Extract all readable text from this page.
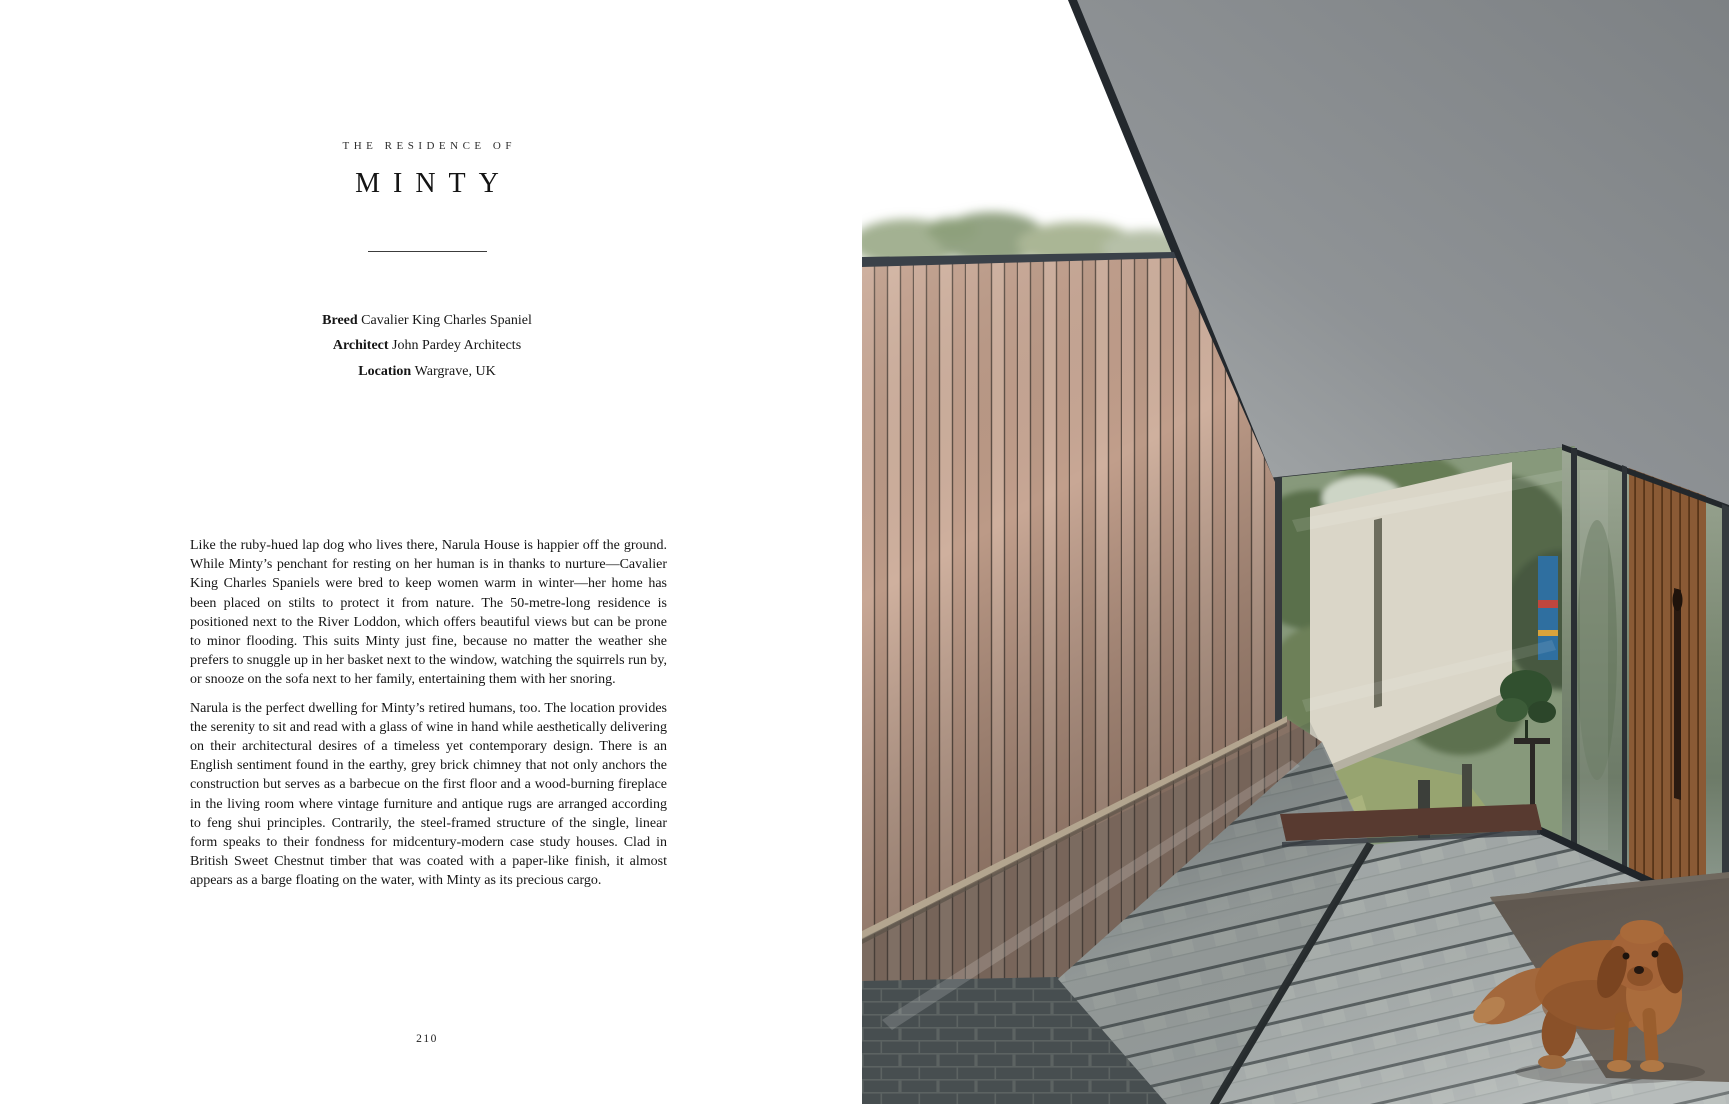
THE RESIDENCE OF
MINTY
Breed Cavalier King Charles Spaniel
Architect John Pardey Architects
Location Wargrave, UK

Like the ruby-hued lap dog who lives there, Narula House is happier off the ground. While Minty’s penchant for resting on her human is in thanks to nurture—Cavalier King Charles Spaniels were bred to keep women warm in winter—her home has been placed on stilts to protect it from nature. The 50-metre-long residence is positioned next to the River Loddon, which offers beautiful views but can be prone to minor flooding. This suits Minty just fine, because no matter the weather she prefers to snuggle up in her basket next to the window, watching the squirrels run by, or snooze on the sofa next to her family, entertaining them with her snoring.

Narula is the perfect dwelling for Minty’s retired humans, too. The location provides the serenity to sit and read with a glass of wine in hand while aesthetically delivering on their architectural desires of a timeless yet contemporary design. There is an English sentiment found in the earthy, grey brick chimney that not only anchors the construction but serves as a barbecue on the first floor and a wood-burning fireplace in the living room where vintage furniture and antique rugs are arranged according to feng shui principles. Contrarily, the steel-framed structure of the single, linear form speaks to their fondness for midcentury-modern case study houses. Clad in British Sweet Chestnut timber that was coated with a paper-like finish, it almost appears as a barge floating on the water, with Minty as its precious cargo.

210
